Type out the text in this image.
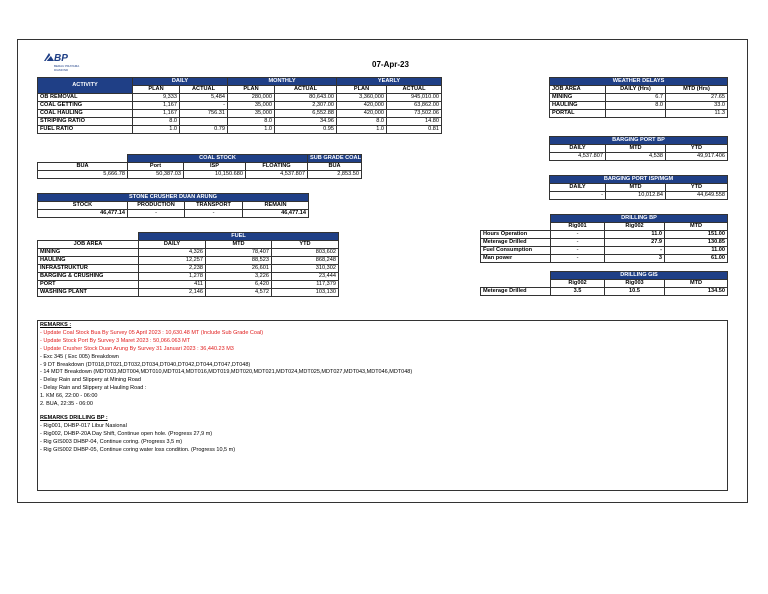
BP
BERAU PRATAMA DIAMOND
07-Apr-23
ACTIVITY	DAILY		MONTHLY		YEARLY	
	PLAN	ACTUAL	PLAN	ACTUAL	PLAN	ACTUAL
OB REMOVAL	9,333	5,484	280,000	80,643.00	3,360,000	945,010.00
COAL GETTING	1,167	-	35,000	2,307.00	420,000	63,862.00
COAL HAULING	1,167	756.31	35,000	6,552.88	420,000	73,502.06
STRIPING RATIO	8.0		8.0	34.96	8.0	14.80
FUEL RATIO	1.0	0.79	1.0	0.95	1.0	0.81
	COAL STOCK			SUB GRADE COAL
BUA	Port	ISP	FLOATING	BUA
5,666.78	50,387.03	10,150.680	4,537.807	2,853.50
STONE CRUSHER DUAN ARUNG			
STOCK	PRODUCTION	TRANSPORT	REMAIN
46,477.14	-	-	46,477.14
	FUEL		
JOB AREA	DAILY	MTD	YTD
MINING	4,326	78,407	803,602
HAULING	12,257	88,523	868,248
INFRASTRUKTUR	2,238	26,601	310,302
BARGING & CRUSHING	1,278	3,226	23,444
PORT	411	6,420	117,379
WASHING PLANT	2,146	4,572	103,130
WEATHER DELAYS		
JOB AREA	DAILY (Hrs)	MTD (Hrs)
MINING	6.7	27.65
HAULING	8.0	33.0
PORTAL		11.3
BARGING PORT BP		
DAILY	MTD	YTD
4,537.807	4,538	49,917.406
BARGING PORT ISP/MGM		
DAILY	MTD	YTD
-	10,012.84	44,649.558
	DRILLING BP		
	Rig001	Rig002	MTD
Hours Operation	-	11.0	151.00
Meterage Drilled	-	27.9	130.85
Fuel Consumption	-	-	11.00
Man power	-	3	61.00
	DRILLING GIS		
	Rig002	Rig003	MTD
Meterage Drilled	3.5	10.5	134.50
REMARKS :
- Update Coal Stock Bua By Survey 05 April 2023 : 10,630.48 MT (Include Sub Grade Coal)
- Update Stock Port By Survey 3 Maret 2023 : 50,066.063 MT
- Update Crusher Stock Duan Arung By Survey 31 Januari 2023 : 36,440.23 M3
- Exc 345 ( Exc 005) Breakdown
- 9 DT Breakdown (DT018,DT021,DT032,DT034,DT040,DT042,DT044,DT047,DT048)
- 14 MDT Breakdown (MDT003,MDT004,MDT010,MDT014,MDT016,MDT019,MDT020,MDT021,MDT024,MDT025,MDT027,MDT043,MDT046,MDT048)
- Delay Rain and Slippery at Mining Road
- Delay Rain and Slippery at Hauling Road :
1. KM 66, 22:00 - 06:00
2. BUA, 22:35 - 06:00
REMARKS DRILLING BP :
- Rig001, DHBP-017 Libur Nasional
- Rig002, DHBP-20A Day Shift, Continue open hole. (Progress 27,9 m)
- Rig GIS003 DHBP-04, Continue coring. (Progress 3,5 m)
- Rig GIS002 DHBP-05, Continue coring water loss condition. (Progress 10,5 m)
